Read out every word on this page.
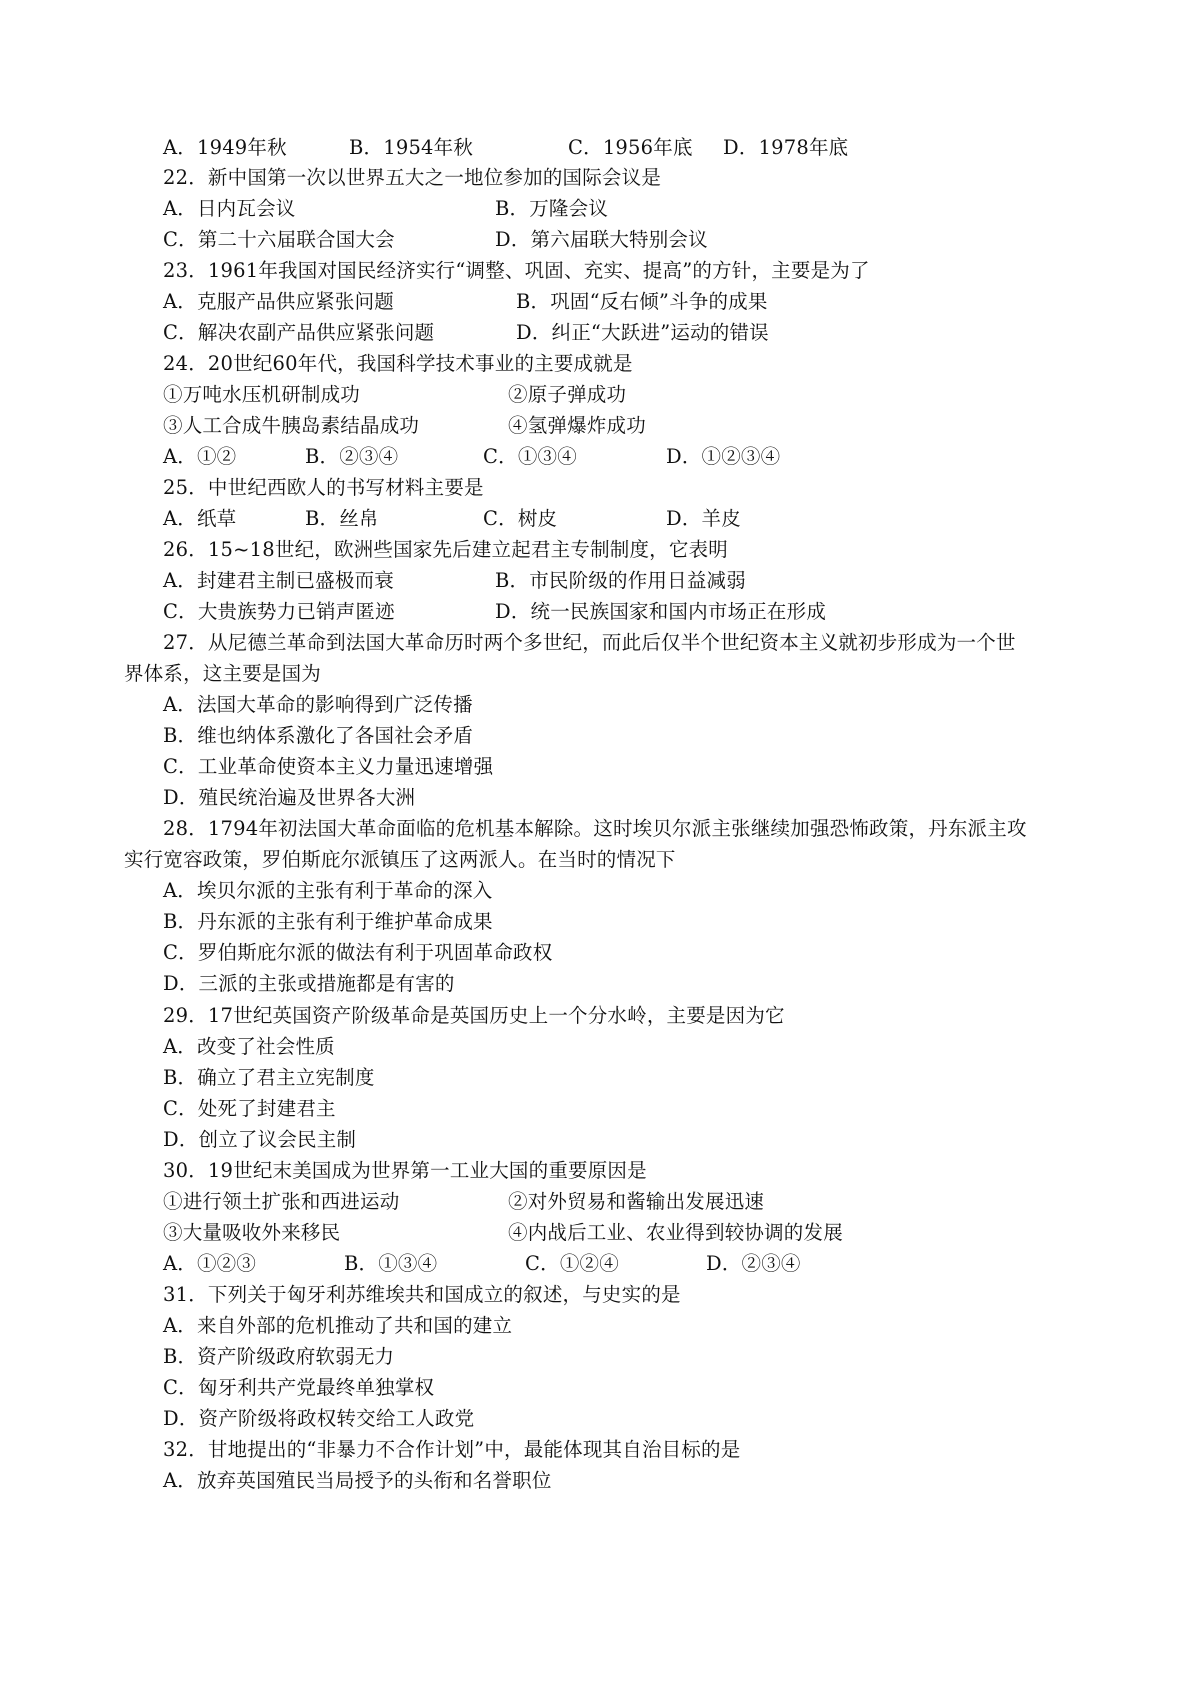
A．1949年秋

	B．1954年秋

	C．1956年底

D．1978年底

22．新中国第一次以世界五大之一地位参加的国际会议是

A．日内瓦会议

	B．万隆会议

C．第二十六届联合国大会

	D．第六届联大特别会议

23．1961年我国对国民经济实行“调整、巩固、充实、提高”的方针，主要是为了

A．克服产品供应紧张问题

	B．巩固“反右倾”斗争的成果

C．解决农副产品供应紧张问题

	D．纠正“大跃进”运动的错误

24．20世纪60年代，我国科学技术事业的主要成就是

①万吨水压机研制成功

	②原子弹成功

③人工合成牛胰岛素结晶成功

	④氢弹爆炸成功

A．①②

	B．②③④

	C．①③④

	D．①②③④

25．中世纪西欧人的书写材料主要是

A．纸草

	B．丝帛

	C．树皮

	D．羊皮

26．15~18世纪，欧洲些国家先后建立起君主专制制度，它表明

A．封建君主制已盛极而衰

	B．市民阶级的作用日益减弱

C．大贵族势力已销声匿迹

	D．统一民族国家和国内市场正在形成

27．从尼德兰革命到法国大革命历时两个多世纪，而此后仅半个世纪资本主义就初步形成为一个世
界体系，这主要是国为
A．法国大革命的影响得到广泛传播
B．维也纳体系激化了各国社会矛盾
C．工业革命使资本主义力量迅速增强
D．殖民统治遍及世界各大洲
28．1794年初法国大革命面临的危机基本解除。这时埃贝尔派主张继续加强恐怖政策，丹东派主攻
实行宽容政策，罗伯斯庇尔派镇压了这两派人。在当时的情况下
A．埃贝尔派的主张有利于革命的深入
B．丹东派的主张有利于维护革命成果
C．罗伯斯庇尔派的做法有利于巩固革命政权
D．三派的主张或措施都是有害的
29．17世纪英国资产阶级革命是英国历史上一个分水岭，主要是因为它
A．改变了社会性质
B．确立了君主立宪制度
C．处死了封建君主
D．创立了议会民主制
30．19世纪末美国成为世界第一工业大国的重要原因是

①进行领土扩张和西进运动

	②对外贸易和酱输出发展迅速

③大量吸收外来移民

	④内战后工业、农业得到较协调的发展

A．①②③

	B．①③④

	C．①②④

	D．②③④

31．下列关于匈牙利苏维埃共和国成立的叙述，与史实的是
A．来自外部的危机推动了共和国的建立
B．资产阶级政府软弱无力
C．匈牙利共产党最终单独掌权
D．资产阶级将政权转交给工人政党
32．甘地提出的“非暴力不合作计划”中，最能体现其自治目标的是
A．放弃英国殖民当局授予的头衔和名誉职位
